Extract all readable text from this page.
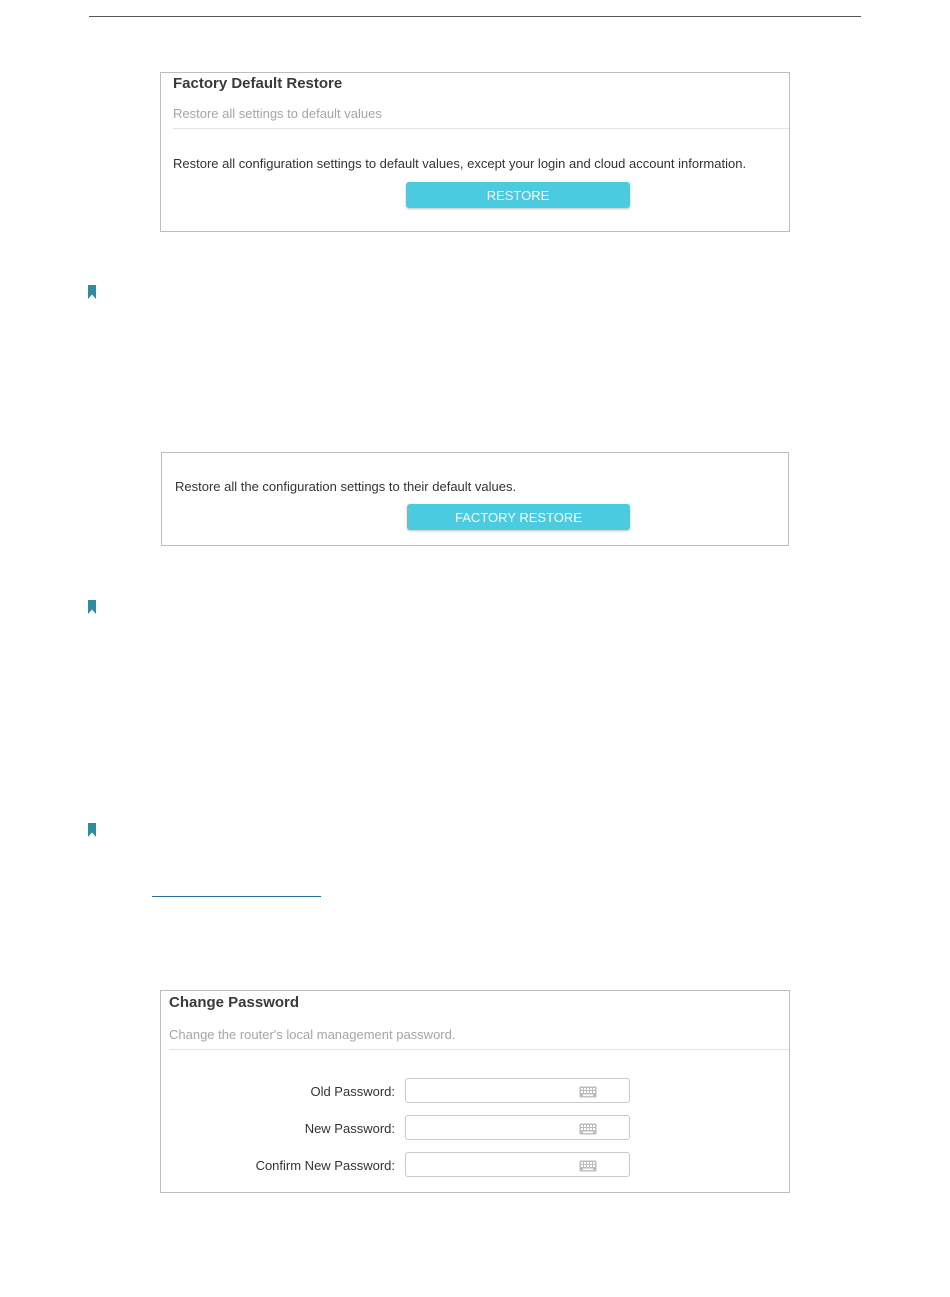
Factory Default Restore
Restore all settings to default values
Restore all configuration settings to default values, except your login and cloud account information.
RESTORE
Restore all the configuration settings to their default values.
FACTORY RESTORE
Change Password
Change the router's local management password.
Old Password:
New Password:
Confirm New Password:
